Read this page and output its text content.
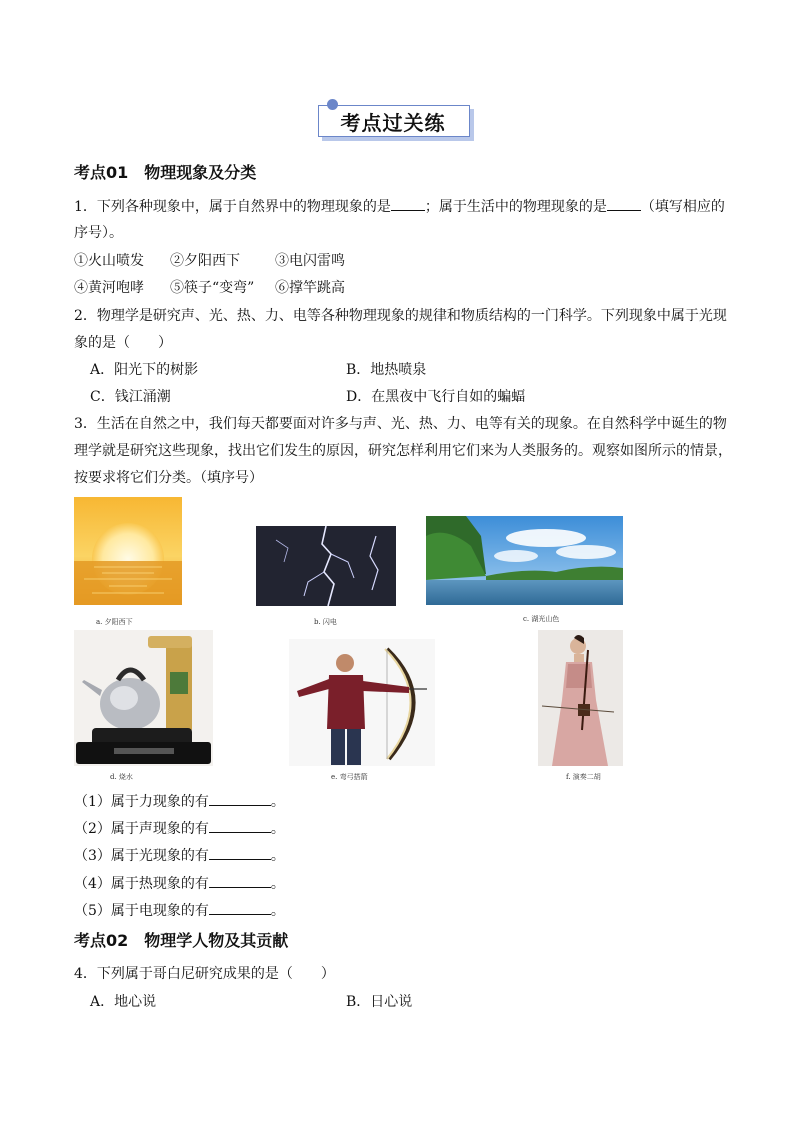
考点过关练
考点01　物理现象及分类
1．下列各种现象中，属于自然界中的物理现象的是 ；属于生活中的物理现象的是 （填写相应的
序号）。
①火山喷发 ②夕阳西下	③电闪雷鸣
④黄河咆哮 ⑤筷子“变弯” ⑥撑竿跳高
2．物理学是研究声、光、热、力、电等各种物理现象的规律和物质结构的一门科学。下列现象中属于光现
象的是（　　）
A．阳光下的树影	B．地热喷泉
C．钱江涌潮	D．在黑夜中飞行自如的蝙蝠
3．生活在自然之中，我们每天都要面对许多与声、光、热、力、电等有关的现象。在自然科学中诞生的物
理学就是研究这些现象，找出它们发生的原因，研究怎样利用它们来为人类服务的。观察如图所示的情景，
按要求将它们分类。（填序号）
a. 夕阳西下	b. 闪电	c. 湖光山色
d. 烧水	e. 弯弓搭箭	f. 演奏二胡
（1）属于力现象的有	。
（2）属于声现象的有	。
（3）属于光现象的有	。
（4）属于热现象的有	。
（5）属于电现象的有	。
考点02　物理学人物及其贡献
4．下列属于哥白尼研究成果的是（　　）
A．地心说	B．日心说
